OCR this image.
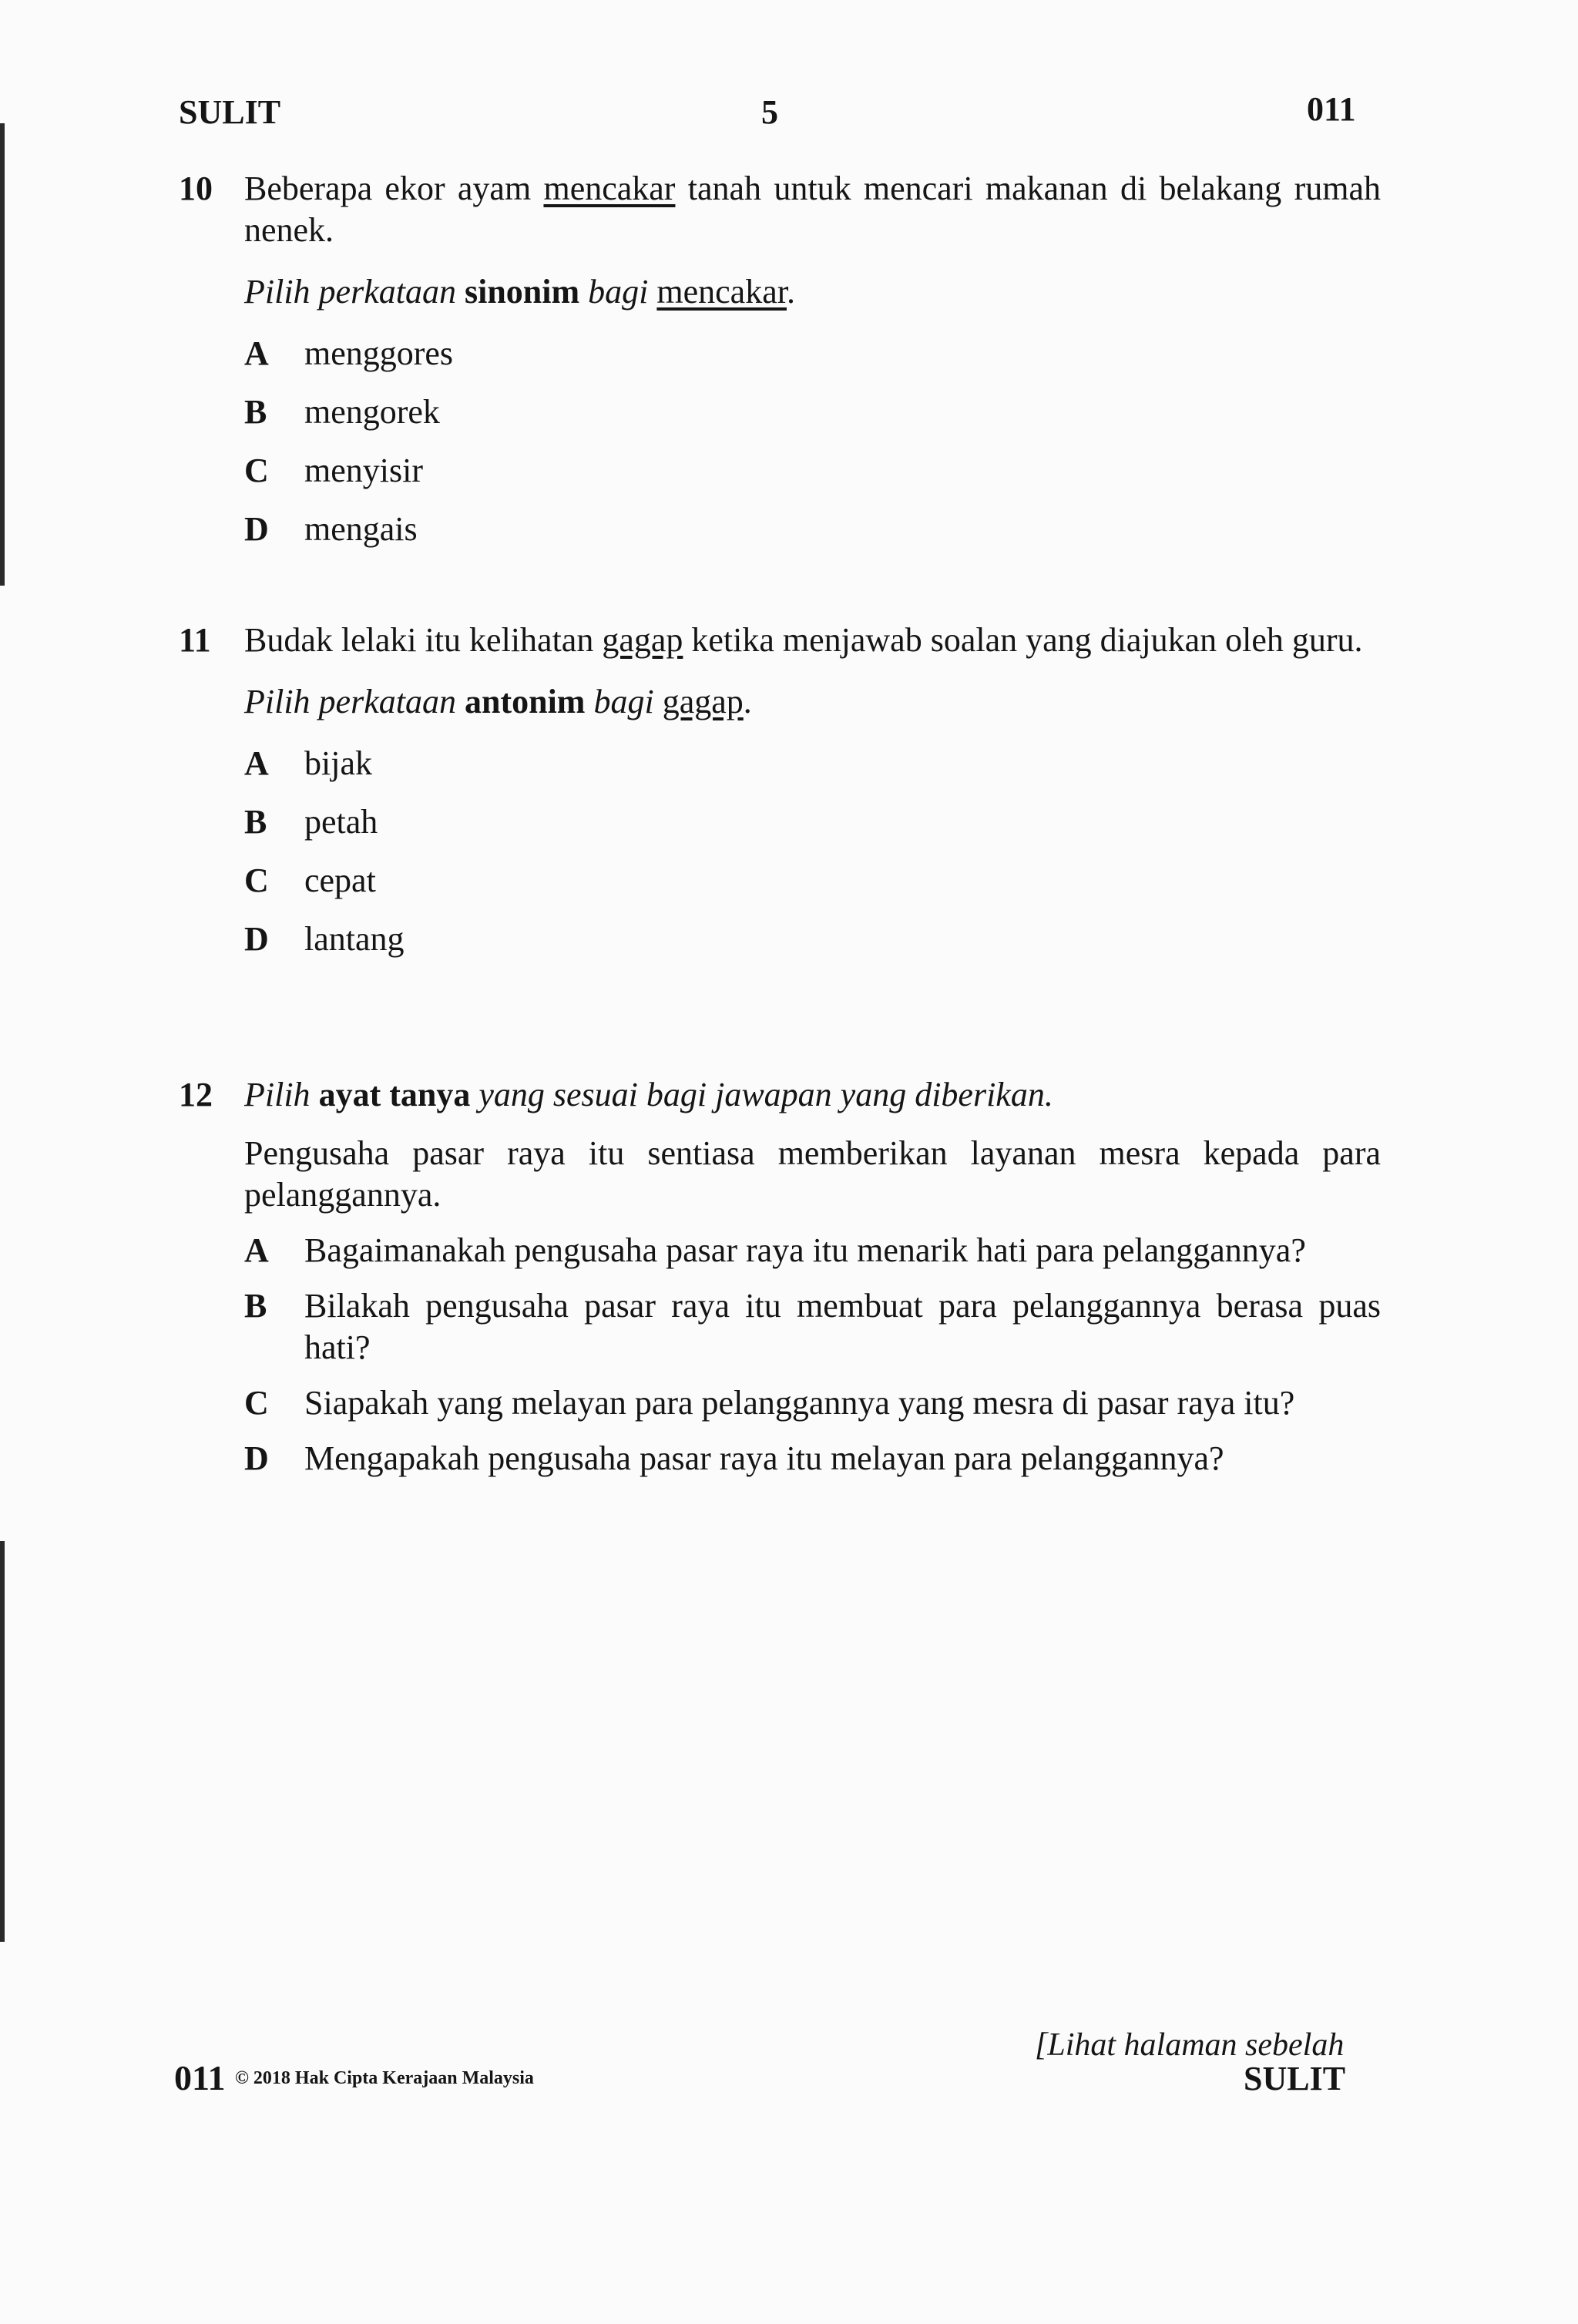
SULIT	5	011
10 Beberapa ekor ayam mencakar tanah untuk mencari makanan di belakang rumah nenek.
Pilih perkataan sinonim bagi mencakar.
A menggores
B mengorek
C menyisir
D mengais
11 Budak lelaki itu kelihatan gagap ketika menjawab soalan yang diajukan oleh guru.
Pilih perkataan antonim bagi gagap.
A bijak
B petah
C cepat
D lantang
12 Pilih ayat tanya yang sesuai bagi jawapan yang diberikan.
Pengusaha pasar raya itu sentiasa memberikan layanan mesra kepada para pelanggannya.
A Bagaimanakah pengusaha pasar raya itu menarik hati para pelanggannya?
B Bilakah pengusaha pasar raya itu membuat para pelanggannya berasa puas hati?
C Siapakah yang melayan para pelanggannya yang mesra di pasar raya itu?
D Mengapakah pengusaha pasar raya itu melayan para pelanggannya?
011 © 2018 Hak Cipta Kerajaan Malaysia
[Lihat halaman sebelah
SULIT
